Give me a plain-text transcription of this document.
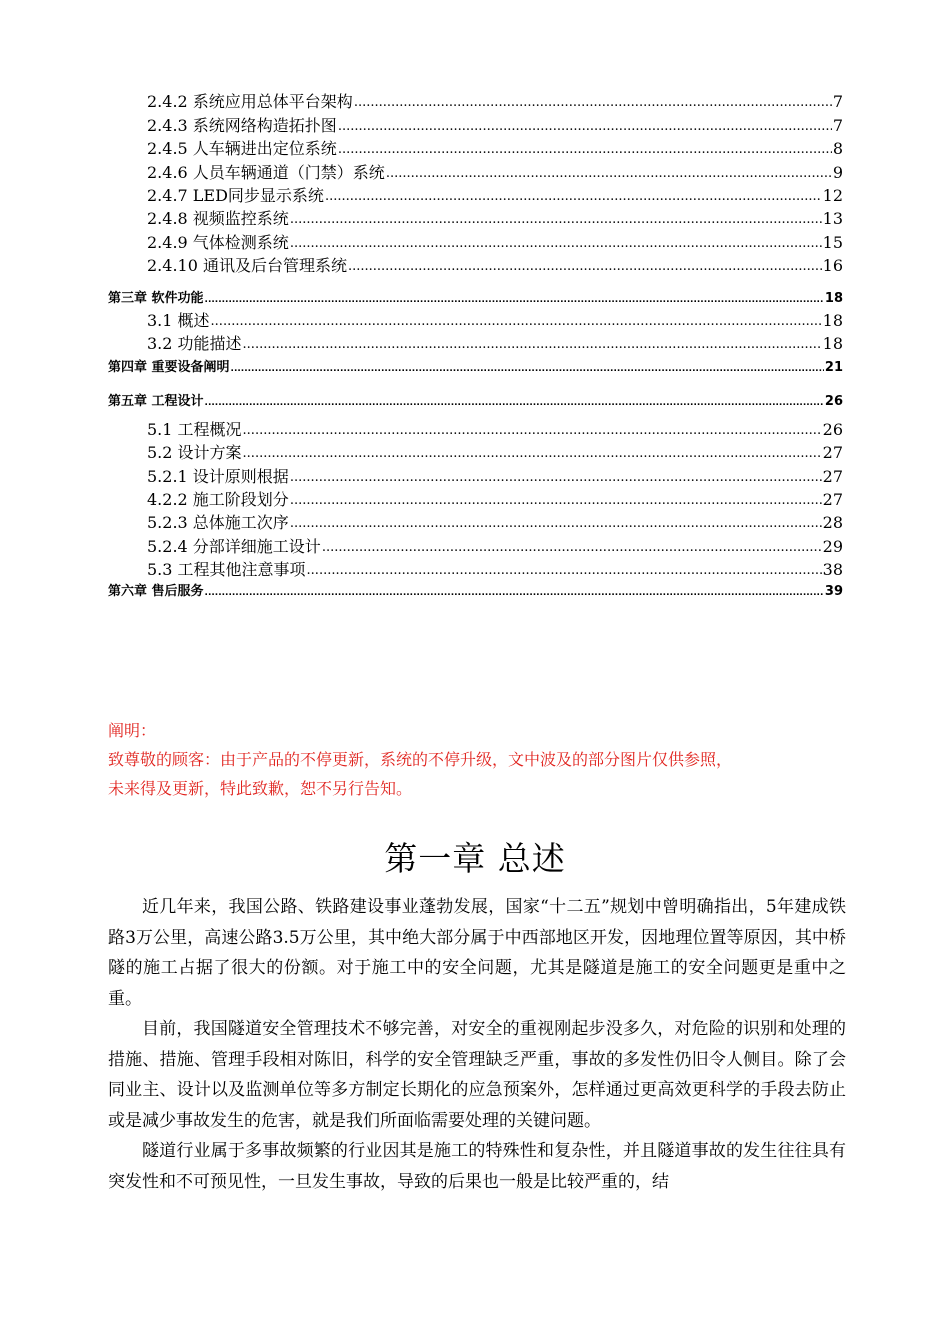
2.4.2 系统应用总体平台架构 .....	7
2.4.3 系统网络构造拓扑图 .....	7
2.4.5 人车辆进出定位系统 .....	8
2.4.6 人员车辆通道（门禁）系统 .....	9
2.4.7 LED同步显示系统 .....	12
2.4.8 视频监控系统 .....	13
2.4.9 气体检测系统 .....	15
2.4.10 通讯及后台管理系统 .....	16
第三章 软件功能 .....	18
3.1 概述 .....	18
3.2 功能描述 .....	18
第四章 重要设备阐明 .....	21
第五章 工程设计 .....	26
5.1 工程概况 .....	26
5.2 设计方案 .....	27
5.2.1 设计原则根据 .....	27
4.2.2 施工阶段划分 .....	27
5.2.3 总体施工次序 .....	28
5.2.4 分部详细施工设计 .....	29
5.3 工程其他注意事项 .....	38
第六章 售后服务 .....	39
阐明：
致尊敬的顾客：由于产品的不停更新，系统的不停升级，文中波及的部分图片仅供参照，
未来得及更新，特此致歉，恕不另行告知。
第一章 总述

近几年来，我国公路、铁路建设事业蓬勃发展，国家“十二五”规划中曾明确指出，5年建成铁路3万公里，高速公路3.5万公里，其中绝大部分属于中西部地区开发，因地理位置等原因，其中桥隧的施工占据了很大的份额。对于施工中的安全问题，尤其是隧道是施工的安全问题更是重中之重。

目前，我国隧道安全管理技术不够完善，对安全的重视刚起步没多久，对危险的识别和处理的措施、措施、管理手段相对陈旧，科学的安全管理缺乏严重，事故的多发性仍旧令人侧目。除了会同业主、设计以及监测单位等多方制定长期化的应急预案外，怎样通过更高效更科学的手段去防止或是减少事故发生的危害，就是我们所面临需要处理的关键问题。

隧道行业属于多事故频繁的行业因其是施工的特殊性和复杂性，并且隧道事故的发生往往具有突发性和不可预见性，一旦发生事故，导致的后果也一般是比较严重的，结
